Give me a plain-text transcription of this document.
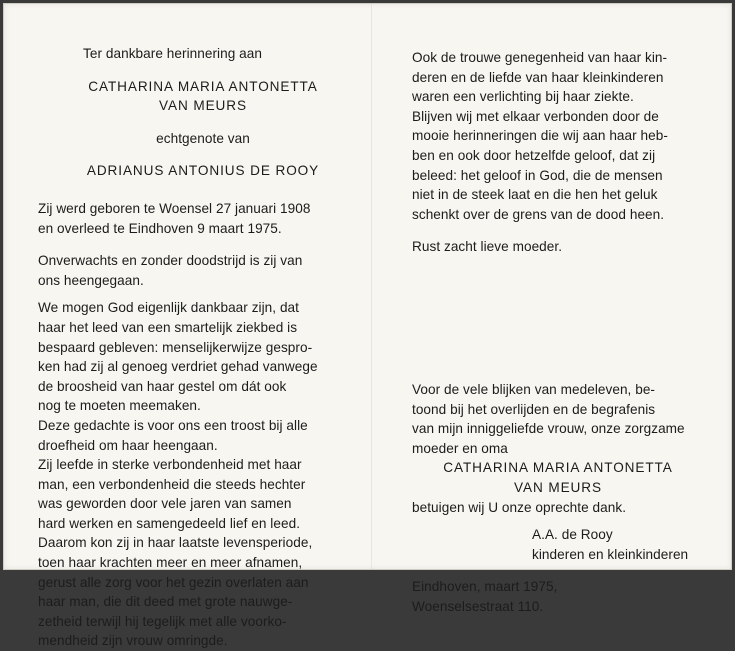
Ter dankbare herinnering aan
CATHARINA MARIA ANTONETTA
VAN MEURS
echtgenote van
ADRIANUS ANTONIUS DE ROOY
Zij werd geboren te Woensel 27 januari 1908
en overleed te Eindhoven 9 maart 1975.
Onverwachts en zonder doodstrijd is zij van
ons heengegaan.
We mogen God eigenlijk dankbaar zijn, dat
haar het leed van een smartelijk ziekbed is
bespaard gebleven: menselijkerwijze gespro-
ken had zij al genoeg verdriet gehad vanwege
de broosheid van haar gestel om dát ook
nog te moeten meemaken.
Deze gedachte is voor ons een troost bij alle
droefheid om haar heengaan.
Zij leefde in sterke verbondenheid met haar
man, een verbondenheid die steeds hechter
was geworden door vele jaren van samen
hard werken en samengedeeld lief en leed.
Daarom kon zij in haar laatste levensperiode,
toen haar krachten meer en meer afnamen,
gerust alle zorg voor het gezin overlaten aan
haar man, die dit deed met grote nauwge-
zetheid terwijl hij tegelijk met alle voorko-
mendheid zijn vrouw omringde.
Ook de trouwe genegenheid van haar kin-
deren en de liefde van haar kleinkinderen
waren een verlichting bij haar ziekte.
Blijven wij met elkaar verbonden door de
mooie herinneringen die wij aan haar heb-
ben en ook door hetzelfde geloof, dat zij
beleed: het geloof in God, die de mensen
niet in de steek laat en die hen het geluk
schenkt over de grens van de dood heen.
Rust zacht lieve moeder.
Voor de vele blijken van medeleven, be-
toond bij het overlijden en de begrafenis
van mijn inniggeliefde vrouw, onze zorgzame
moeder en oma
CATHARINA MARIA ANTONETTA
VAN MEURS
betuigen wij U onze oprechte dank.
A.A. de Rooy
kinderen en kleinkinderen
Eindhoven, maart 1975,
Woenselsestraat 110.
